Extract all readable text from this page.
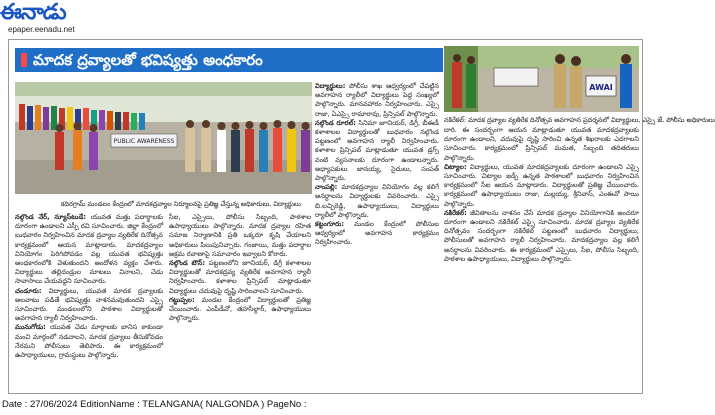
ఈనాడు
epaper.eenadu.net
మాదక ద్రవ్యాలతో భవిష్యత్తు అంధకారం
PUBLIC AWARENESS
కదిరగ్రామ్ మండలం కేంద్రంలో మాదకద్రవ్యాల నిర్మూలనపై ప్రతిజ్ఞ చేస్తున్న అధికారులు, విద్యార్థులు
AWAI
నకిరేకల్‌: మాదక ద్రవ్యాల వ్యతిరేక దినోత్సవ అవగాహన ప్రదర్శనలో విద్యార్థులు, ఎస్సై జే, పోలీసు అధికారులు

నల్గొండ నేర్, న్యూస్‌టుడే: యువత మత్తు పదార్థాలకు దూరంగా ఉండాలని ఎస్పీ రవి సూచించారు. జిల్లా కేంద్రంలో బుధవారం నిర్వహించిన మాదక ద్రవ్యాల వ్యతిరేక దినోత్సవ కార్యక్రమంలో ఆయన మాట్లాడారు. మాదకద్రవ్యాల వినియోగం పెరిగిపోవడం వల్ల యువత భవిష్యత్తు అంధకారంలోకి వెళుతుందని ఆందోళన వ్యక్తం చేశారు. విద్యార్థులు తల్లిదండ్రుల మాటలు వినాలని, చెడు సావాసాలు చేయవద్దని సూచించారు.

చండూరు: విద్యార్థులు, యువత మాదక ద్రవ్యాలకు అలవాటు పడితే భవిష్యత్తు నాశనమవుతుందని ఎస్సై సూచించారు. మండలంలోని పాఠశాల విద్యార్థులతో అవగాహన ర్యాలీ నిర్వహించారు.

మునుగోడు: యువత చెడు మార్గాలకు బానిస కాకుండా మంచి మార్గంలో నడవాలని, మాదక ద్రవ్యాలు తీసుకోవడం నేరమని పోలీసులు తెలిపారు. ఈ కార్యక్రమంలో ఉపాధ్యాయులు, గ్రామస్థులు పాల్గొన్నారు.

సీఐ, ఎస్సైలు, పోలీసు సిబ్బంది, పాఠశాల ఉపాధ్యాయులు పాల్గొన్నారు. మాదక ద్రవ్యాల రహిత సమాజ నిర్మాణానికి ప్రతి ఒక్కరూ కృషి చేయాలని అధికారులు పిలుపునిచ్చారు. గంజాయి, మత్తు పదార్థాల అక్రమ రవాణాపై సమాచారం ఇవ్వాలని కోరారు.

నల్గొండ టౌన్: పట్టణంలోని జూనియర్, డిగ్రీ కళాశాలల విద్యార్థులతో మాదకద్రవ్య వ్యతిరేక అవగాహన ర్యాలీ నిర్వహించారు. కళాశాల ప్రిన్సిపల్ మాట్లాడుతూ విద్యార్థులు చదువుపై దృష్టి సారించాలని సూచించారు.

గట్టుప్పల: మండల కేంద్రంలో విద్యార్థులతో ప్రతిజ్ఞ చేయించారు. ఎంపీడీవో, తహసీల్దార్, ఉపాధ్యాయులు పాల్గొన్నారు.

విద్యార్థులు: పోలీసు శాఖ ఆధ్వర్యంలో చేపట్టిన అవగాహన ర్యాలీలో విద్యార్థులు పెద్ద సంఖ్యలో పాల్గొన్నారు. మానవహారం నిర్వహించారు. ఎస్సై రాజు, ఏఎస్సై రామారావు, ప్రిన్సిపల్ పాల్గొన్నారు.

నల్గొండ రూరల్: సినిమా జూనియర్, డిగ్రీ, బీఈడీ కళాశాలల విద్యార్థులతో బుధవారం నల్గొండ పట్టణంలో అవగాహన ర్యాలీ నిర్వహించారు. కళాశాల ప్రిన్సిపల్ మాట్లాడుతూ యువత డ్రగ్స్ వంటి వ్యసనాలకు దూరంగా ఉండాలన్నారు. అధ్యాపకులు జానయ్య, సైదులు, సంపత్ పాల్గొన్నారు.

నాంపల్లి: మాదకద్రవ్యాల వినియోగం వల్ల కలిగే అనర్థాలను విద్యార్థులకు వివరించారు. ఎస్సై బి.లచ్చిరెడ్డి, ఉపాధ్యాయులు, విద్యార్థులు ర్యాలీలో పాల్గొన్నారు.

కట్టంగూరు: మండల కేంద్రంలో పోలీసుల ఆధ్వర్యంలో అవగాహన కార్యక్రమం నిర్వహించారు.

దారి. ఈ సందర్భంగా ఆయన మాట్లాడుతూ యువత మాదకద్రవ్యాలకు దూరంగా ఉండాలని, చదువుపై దృష్టి సారించి ఉన్నత శిఖరాలకు ఎదగాలని సూచించారు. కార్యక్రమంలో ప్రిన్సిపల్ మమత, సిబ్బంది తదితరులు పాల్గొన్నారు.

చిట్యాల: విద్యార్థులు, యువత మాదకద్రవ్యాలకు దూరంగా ఉండాలని ఎస్సై సూచించారు. చిట్యాల జడ్పీ ఉన్నత పాఠశాలలో బుధవారం నిర్వహించిన కార్యక్రమంలో సీఐ ఆయన మాట్లాడారు. విద్యార్థులతో ప్రతిజ్ఞ చేయించారు. కార్యక్రమంలో ఉపాధ్యాయులు రాజు, మల్లయ్య, శ్రీనివాస్, ఎంఈవో సాయి పాల్గొన్నారు.

నకిరేకల్: జీవితాలను నాశనం చేసే మాదక ద్రవ్యాల వినియోగానికి అందరూ దూరంగా ఉండాలని నకిరేకల్ ఎస్సై సూచించారు. మాదక ద్రవ్యాల వ్యతిరేక దినోత్సవం సందర్భంగా నకిరేకల్ పట్టణంలో బుధవారం విద్యార్థులు, పోలీసులతో అవగాహన ర్యాలీ నిర్వహించారు. మాదకద్రవ్యాల వల్ల కలిగే అనర్థాలను వివరించారు. ఈ కార్యక్రమంలో ఎస్సైలు, సీఐ, పోలీసు సిబ్బంది, పాఠశాల ఉపాధ్యాయులు, విద్యార్థులు పాల్గొన్నారు.

Date : 27/06/2024 EditionName : TELANGANA( NALGONDA ) PageNo :
